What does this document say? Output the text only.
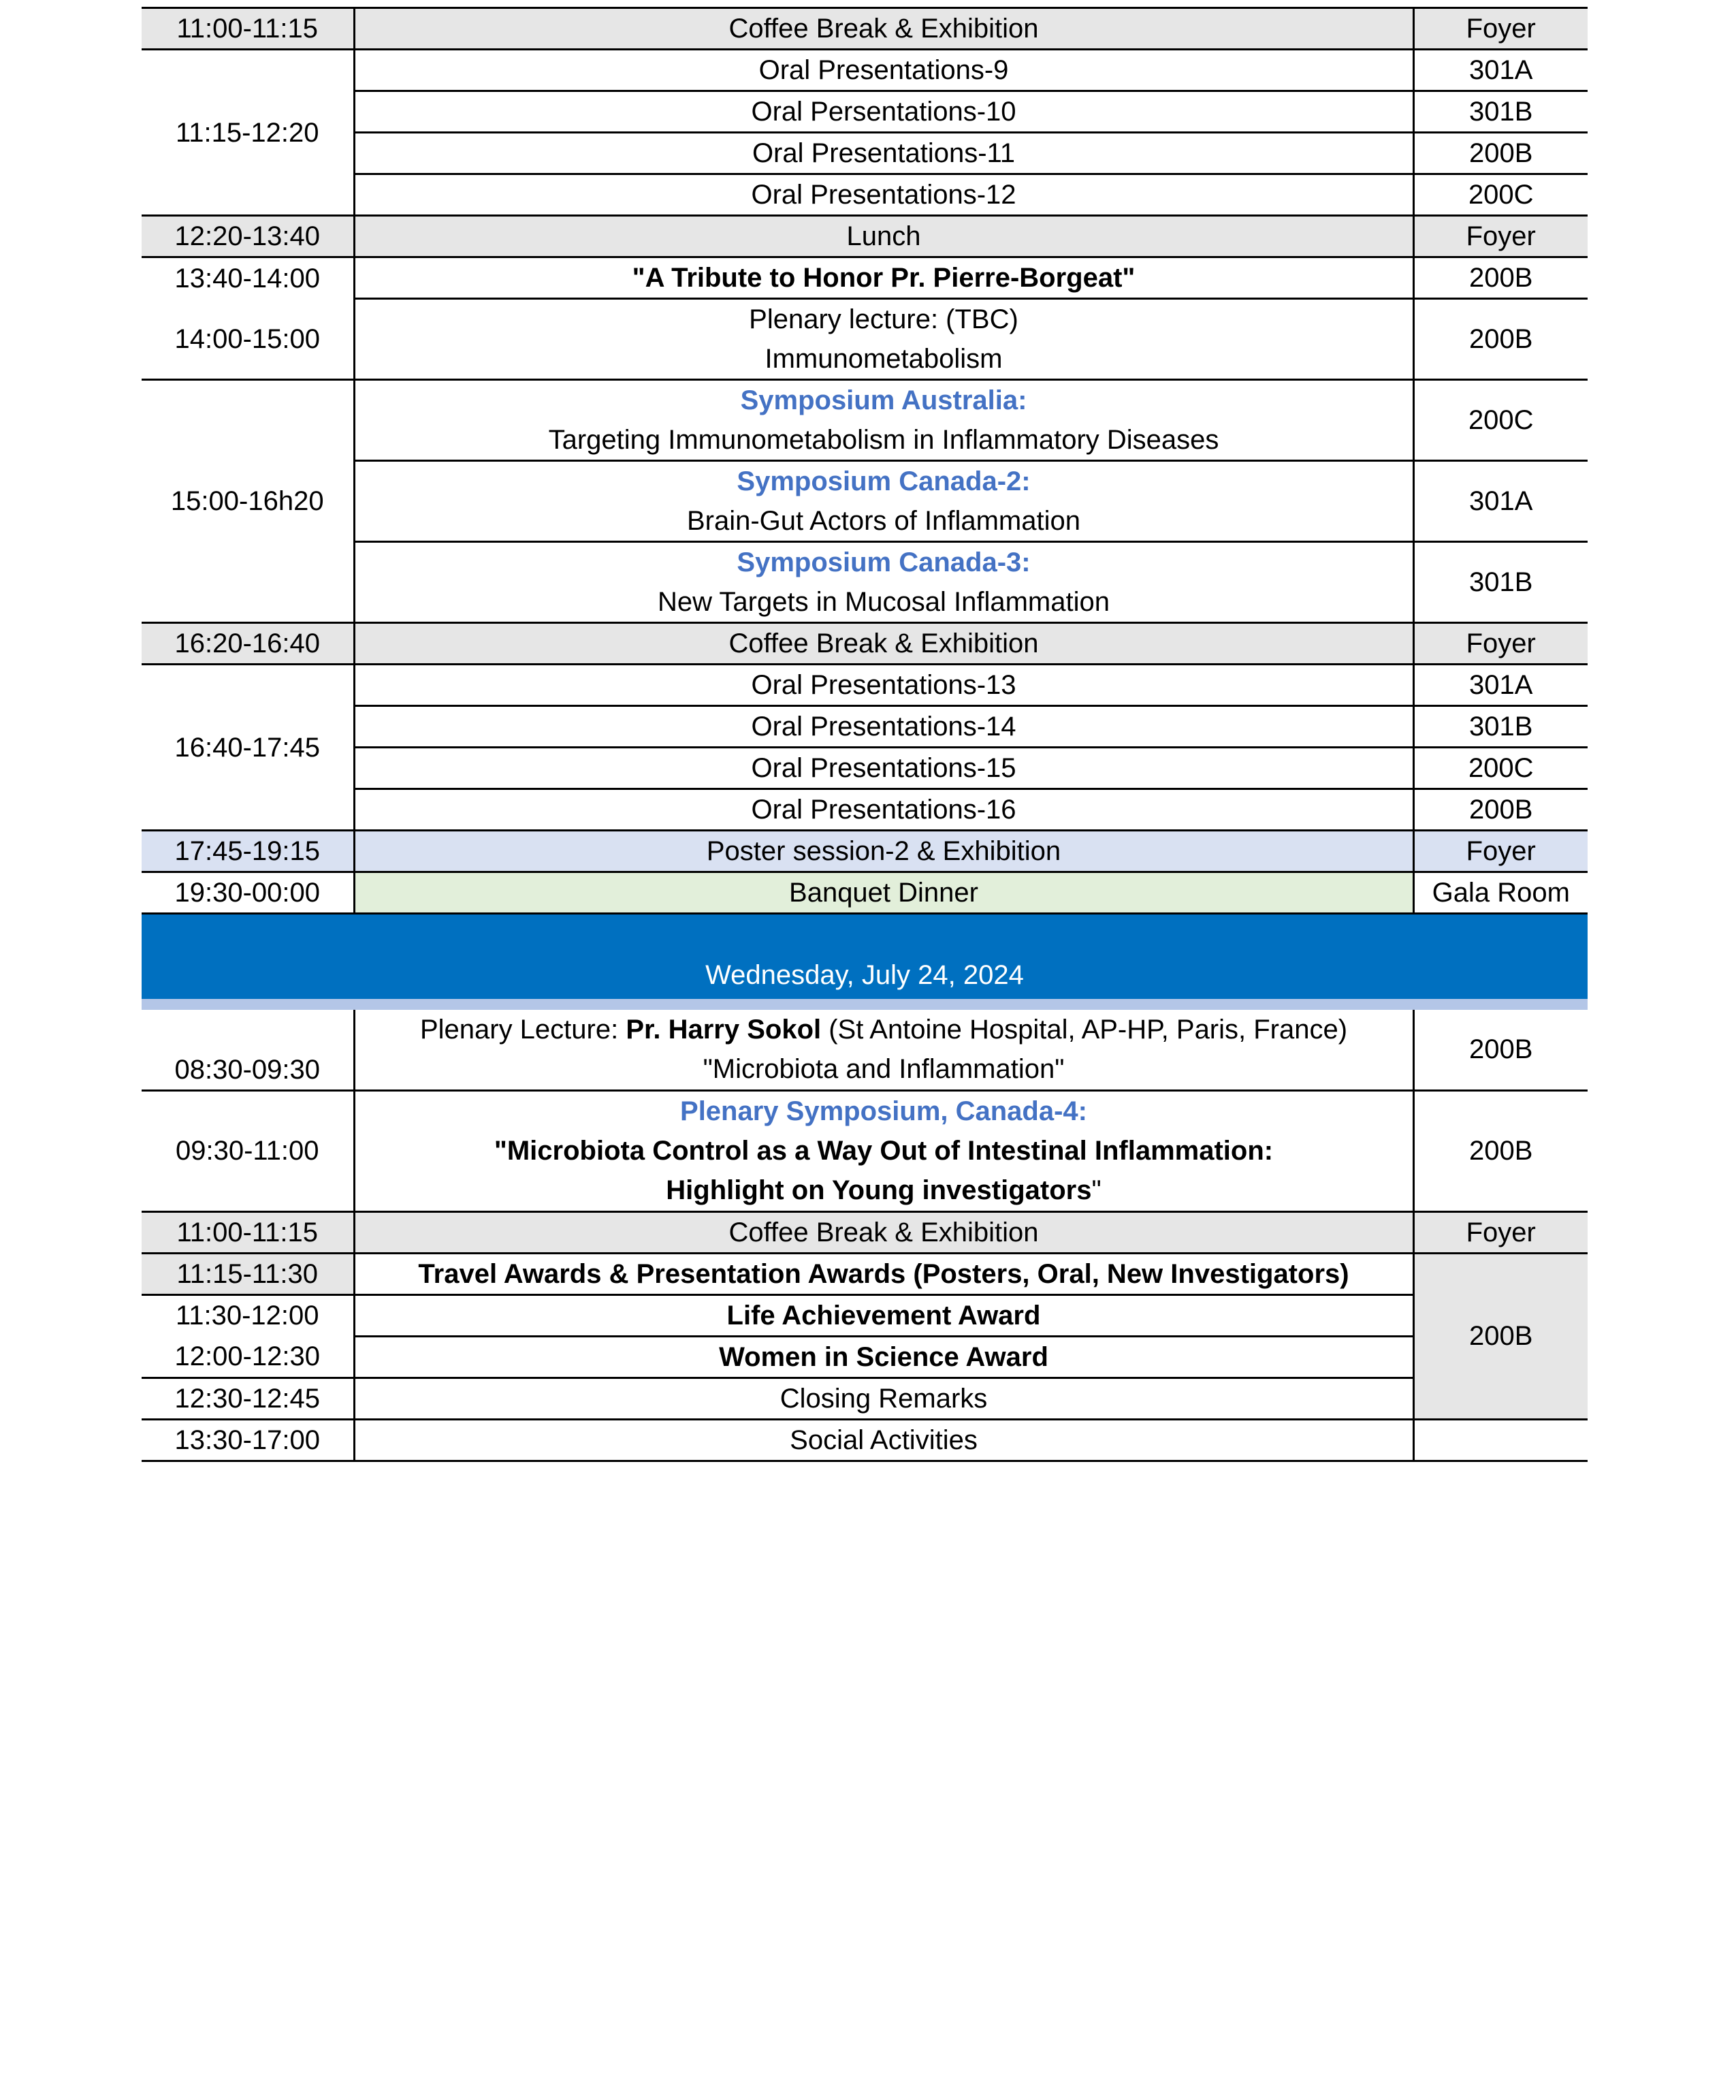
11:00-11:15	Coffee Break & Exhibition	Foyer
11:15-12:20	Oral Presentations-9	301A
	Oral Persentations-10	301B
	Oral Presentations-11	200B
	Oral Presentations-12	200C
12:20-13:40	Lunch	Foyer
13:40-14:00	"A Tribute to Honor Pr. Pierre-Borgeat"	200B
14:00-15:00	Plenary lecture: (TBC)
Immunometabolism	200B
15:00-16h20	Symposium Australia:
Targeting Immunometabolism in Inflammatory Diseases	200C

	Symposium Canada-2:
Brain-Gut Actors of Inflammation	301A

	Symposium Canada-3:
New Targets in Mucosal Inflammation	301B
16:20-16:40	Coffee Break & Exhibition	Foyer
16:40-17:45	Oral Presentations-13	301A
	Oral Presentations-14	301B
	Oral Presentations-15	200C
	Oral Presentations-16	200B
17:45-19:15	Poster session-2 & Exhibition	Foyer
19:30-00:00	Banquet Dinner	Gala Room
Wednesday, July 24, 2024		

08:30-09:30	Plenary Lecture: Pr. Harry Sokol (St Antoine Hospital, AP-HP, Paris, France)
"Microbiota and Inflammation"	200B
09:30-11:00	Plenary Symposium, Canada-4:
"Microbiota Control as a Way Out of Intestinal Inflammation:
Highlight on Young investigators"	200B
11:00-11:15	Coffee Break & Exhibition	Foyer
11:15-11:30	Travel Awards & Presentation Awards (Posters, Oral, New Investigators)	200B
11:30-12:00	Life Achievement Award	
12:00-12:30	Women in Science Award	
12:30-12:45	Closing Remarks	
13:30-17:00	Social Activities	
